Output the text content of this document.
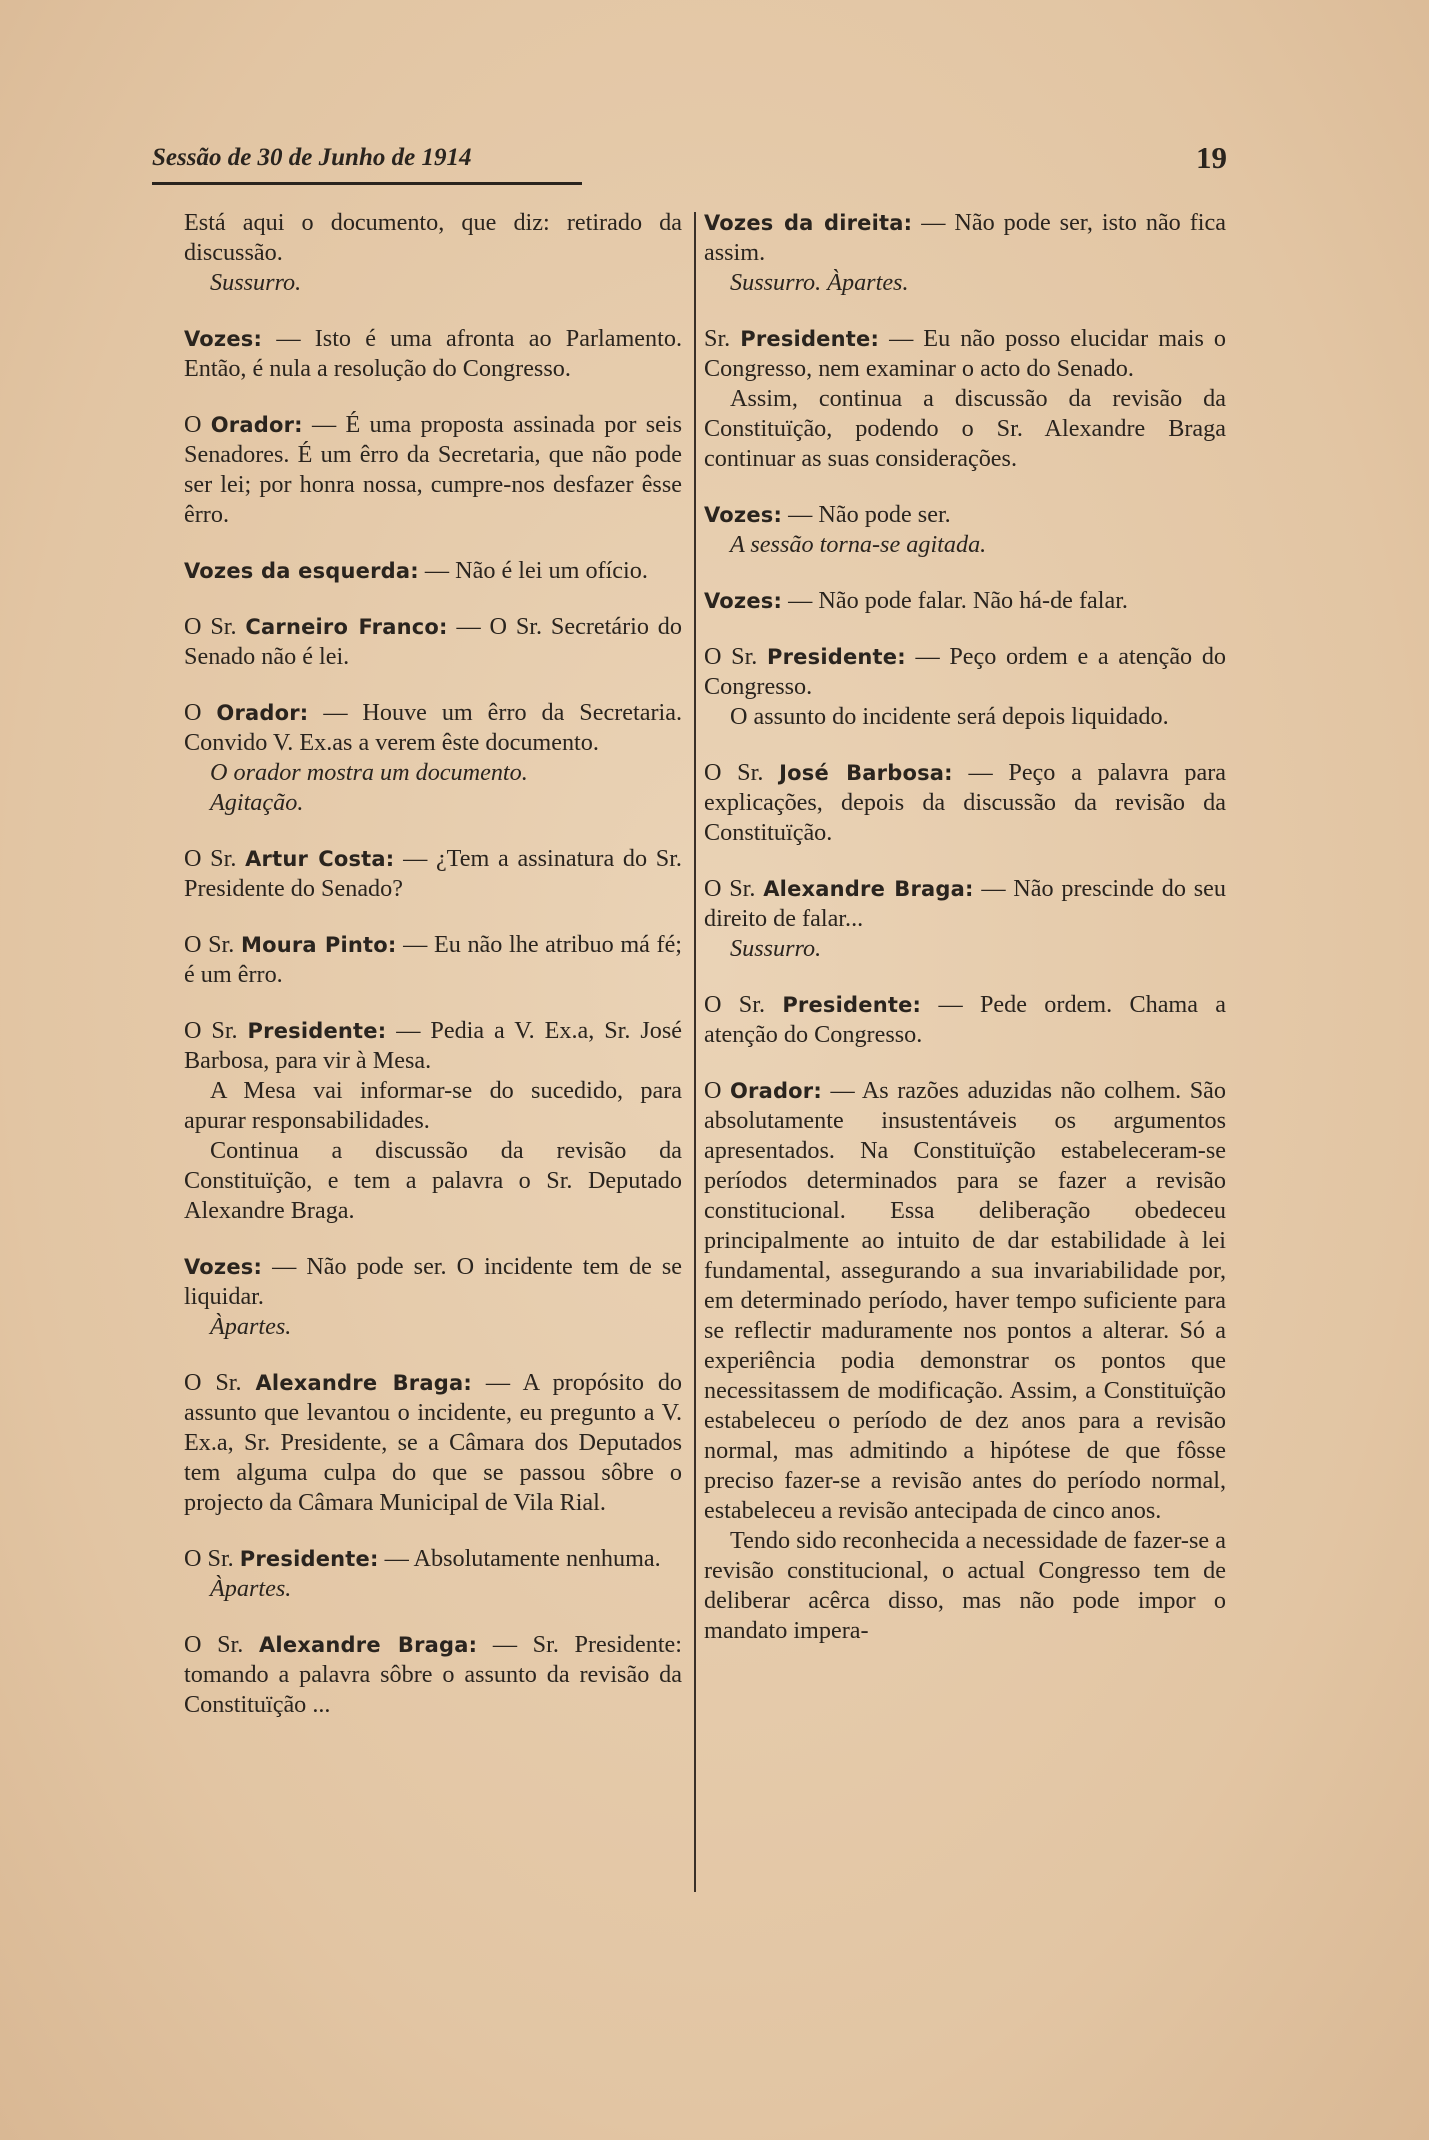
Sessão de 30 de Junho de 1914	19

Está aqui o documento, que diz: retirado da discussão.

Sussurro.

Vozes: — Isto é uma afronta ao Parlamento. Então, é nula a resolução do Congresso.

O Orador: — É uma proposta assinada por seis Senadores. É um êrro da Secretaria, que não pode ser lei; por honra nossa, cumpre-nos desfazer êsse êrro.

Vozes da esquerda: — Não é lei um ofício.

O Sr. Carneiro Franco: — O Sr. Secretário do Senado não é lei.

O Orador: — Houve um êrro da Secretaria. Convido V. Ex.as a verem êste documento.

O orador mostra um documento.

Agitação.

O Sr. Artur Costa: — ¿Tem a assinatura do Sr. Presidente do Senado?

O Sr. Moura Pinto: — Eu não lhe atribuo má fé; é um êrro.

O Sr. Presidente: — Pedia a V. Ex.a, Sr. José Barbosa, para vir à Mesa.

A Mesa vai informar-se do sucedido, para apurar responsabilidades.

Continua a discussão da revisão da Constituïção, e tem a palavra o Sr. Deputado Alexandre Braga.

Vozes: — Não pode ser. O incidente tem de se liquidar.

Àpartes.

O Sr. Alexandre Braga: — A propósito do assunto que levantou o incidente, eu pregunto a V. Ex.a, Sr. Presidente, se a Câmara dos Deputados tem alguma culpa do que se passou sôbre o projecto da Câmara Municipal de Vila Rial.

O Sr. Presidente: — Absolutamente nenhuma.

Àpartes.

O Sr. Alexandre Braga: — Sr. Presidente: tomando a palavra sôbre o assunto da revisão da Constituïção ...

Vozes da direita: — Não pode ser, isto não fica assim.

Sussurro. Àpartes.

Sr. Presidente: — Eu não posso elucidar mais o Congresso, nem examinar o acto do Senado.

Assim, continua a discussão da revisão da Constituïção, podendo o Sr. Alexandre Braga continuar as suas considerações.

Vozes: — Não pode ser.

A sessão torna-se agitada.

Vozes: — Não pode falar. Não há-de falar.

O Sr. Presidente: — Peço ordem e a atenção do Congresso.

O assunto do incidente será depois liquidado.

O Sr. José Barbosa: — Peço a palavra para explicações, depois da discussão da revisão da Constituïção.

O Sr. Alexandre Braga: — Não prescinde do seu direito de falar...

Sussurro.

O Sr. Presidente: — Pede ordem. Chama a atenção do Congresso.

O Orador: — As razões aduzidas não colhem. São absolutamente insustentáveis os argumentos apresentados. Na Constituïção estabeleceram-se períodos determinados para se fazer a revisão constitucional. Essa deliberação obedeceu principalmente ao intuito de dar estabilidade à lei fundamental, assegurando a sua invariabilidade por, em determinado período, haver tempo suficiente para se reflectir maduramente nos pontos a alterar. Só a experiência podia demonstrar os pontos que necessitassem de modificação. Assim, a Constituïção estabeleceu o período de dez anos para a revisão normal, mas admitindo a hipótese de que fôsse preciso fazer-se a revisão antes do período normal, estabeleceu a revisão antecipada de cinco anos.

Tendo sido reconhecida a necessidade de fazer-se a revisão constitucional, o actual Congresso tem de deliberar acêrca disso, mas não pode impor o mandato impera-
